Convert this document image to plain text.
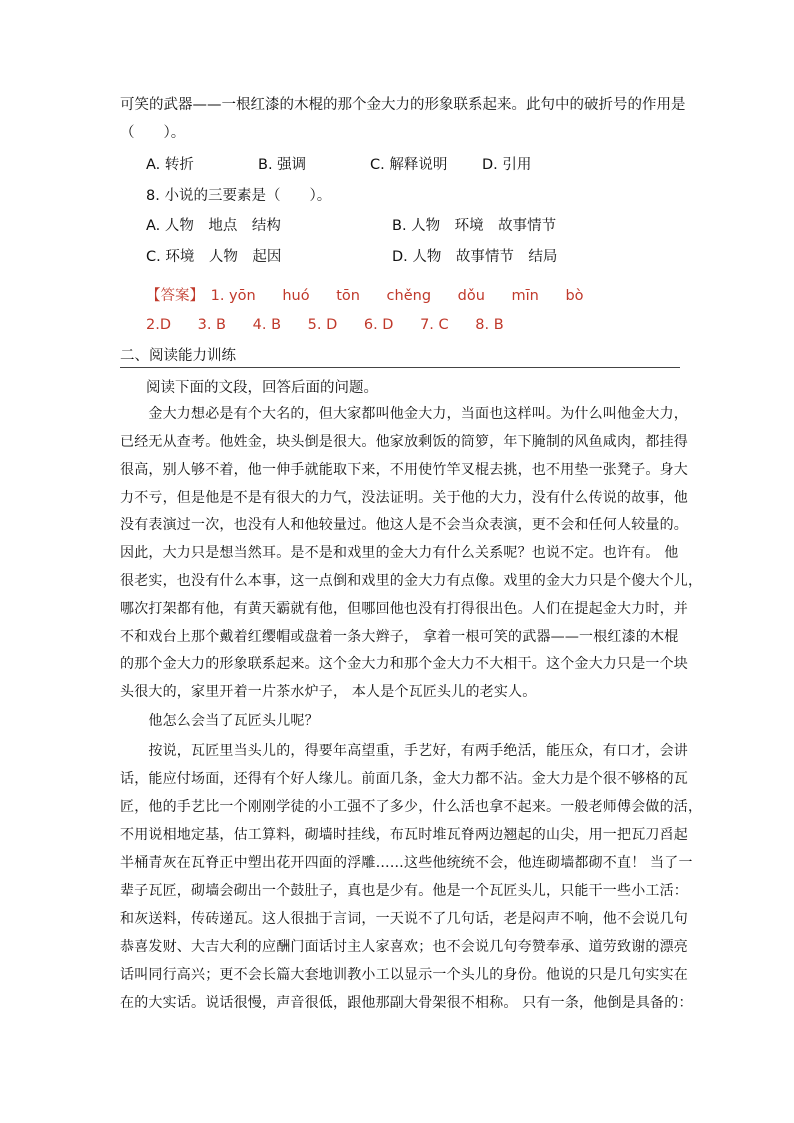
可笑的武器——一根红漆的木棍的那个金大力的形象联系起来。此句中的破折号的作用是
（　　）。
A. 转折	B. 强调	C. 解释说明 D. 引用
8. 小说的三要素是（　　）。
A. 人物　地点　结构	B. 人物　环境　故事情节
C. 环境　人物　起因	D. 人物　故事情节　结局
【答案】 1. yōn huó tōn chěng dǒu mīn bò
2.D 3. B 4. B 5. D 6. D 7. C 8. B
二、阅读能力训练
阅读下面的文段，回答后面的问题。
　　金大力想必是有个大名的，但大家都叫他金大力，当面也这样叫。为什么叫他金大力，
已经无从查考。他姓金，块头倒是很大。他家放剩饭的筒箩，年下腌制的风鱼咸肉，都挂得
很高，别人够不着，他一伸手就能取下来，不用使竹竿叉棍去挑，也不用垫一张凳子。身大
力不亏，但是他是不是有很大的力气，没法证明。关于他的大力，没有什么传说的故事，他
没有表演过一次，也没有人和他较量过。他这人是不会当众表演，更不会和任何人较量的。
因此，大力只是想当然耳。是不是和戏里的金大力有什么关系呢？也说不定。也许有。 他
很老实，也没有什么本事，这一点倒和戏里的金大力有点像。戏里的金大力只是个傻大个儿，
哪次打架都有他，有黄天霸就有他，但哪回他也没有打得很出色。人们在提起金大力时，并
不和戏台上那个戴着红缨帽或盘着一条大辫子， 拿着一根可笑的武器——一根红漆的木棍
的那个金大力的形象联系起来。这个金大力和那个金大力不大相干。这个金大力只是一个块
头很大的，家里开着一片茶水炉子， 本人是个瓦匠头儿的老实人。
　　他怎么会当了瓦匠头儿呢？
　　按说，瓦匠里当头儿的，得要年高望重，手艺好，有两手绝活，能压众，有口才，会讲
话，能应付场面，还得有个好人缘儿。前面几条，金大力都不沾。金大力是个很不够格的瓦
匠，他的手艺比一个刚刚学徒的小工强不了多少，什么活也拿不起来。一般老师傅会做的活，
不用说相地定基，估工算料，砌墙时挂线，布瓦时堆瓦脊两边翘起的山尖，用一把瓦刀舀起
半桶青灰在瓦脊正中塑出花开四面的浮雕……这些他统统不会，他连砌墙都砌不直！ 当了一
辈子瓦匠，砌墙会砌出一个鼓肚子，真也是少有。他是一个瓦匠头儿，只能干一些小工活：
和灰送料，传砖递瓦。这人很拙于言词，一天说不了几句话，老是闷声不响，他不会说几句
恭喜发财、大吉大利的应酬门面话讨主人家喜欢；也不会说几句夸赞奉承、道劳致谢的漂亮
话叫同行高兴；更不会长篇大套地训教小工以显示一个头儿的身份。他说的只是几句实实在
在的大实话。说话很慢，声音很低，跟他那副大骨架很不相称。 只有一条，他倒是具备的：
